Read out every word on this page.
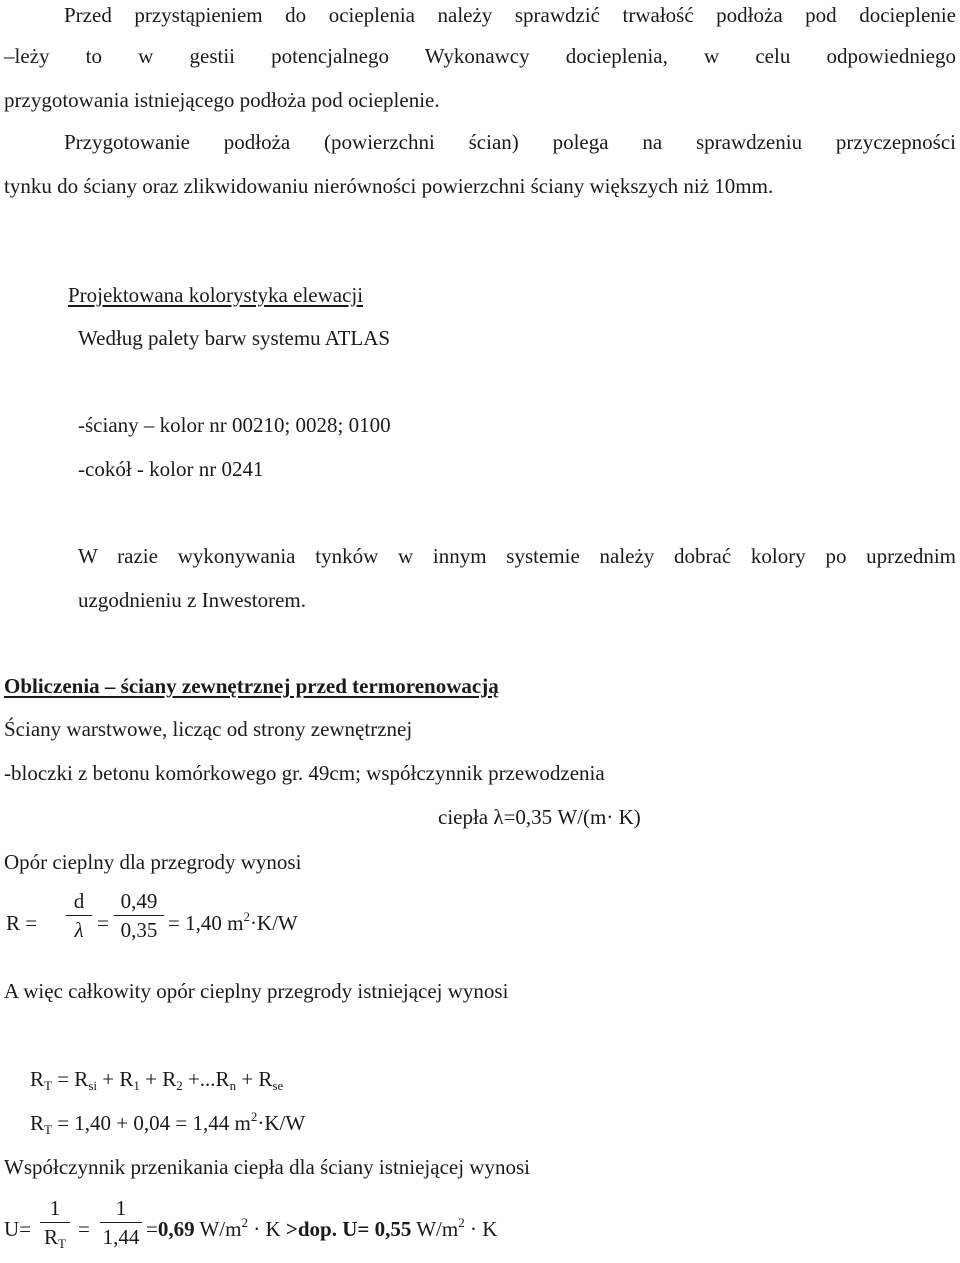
Przed przystąpieniem do ocieplenia należy sprawdzić trwałość podłoża pod docieplenie
–leży to w gestii potencjalnego Wykonawcy docieplenia, w celu odpowiedniego
przygotowania istniejącego podłoża pod ocieplenie.
Przygotowanie podłoża (powierzchni ścian) polega na sprawdzeniu przyczepności
tynku do ściany oraz zlikwidowaniu nierówności powierzchni ściany większych niż 10mm.
Projektowana kolorystyka elewacji
Według palety barw systemu ATLAS
-ściany – kolor nr 00210; 0028; 0100
-cokół - kolor nr 0241
W razie wykonywania tynków w innym systemie należy dobrać kolory po uprzednim
uzgodnieniu z Inwestorem.
Obliczenia – ściany zewnętrznej przed termorenowacją
Ściany warstwowe, licząc od strony zewnętrznej
-bloczki z betonu komórkowego gr. 49cm; współczynnik przewodzenia
ciepła λ=0,35 W/(m· K)
Opór cieplny dla przegrody wynosi
R =
d
λ =
0,49
0,35 = 1,40 $m^2\cdot K/W$
A więc całkowity opór cieplny przegrody istniejącej wynosi
$R_T = R_{si} + R_1 + R_2 +...R_n + R_{se}$
$R_T = 1,40 + 0,04 = 1,44$ $m^2\cdot K/W$
Współczynnik przenikania ciepła dla ściany istniejącej wynosi
U=
1
$R_T$
=
1
1,44 =0,69 $W/m^2 \cdot K >dop$. U= 0,55 $W/m^2 \cdot K$
